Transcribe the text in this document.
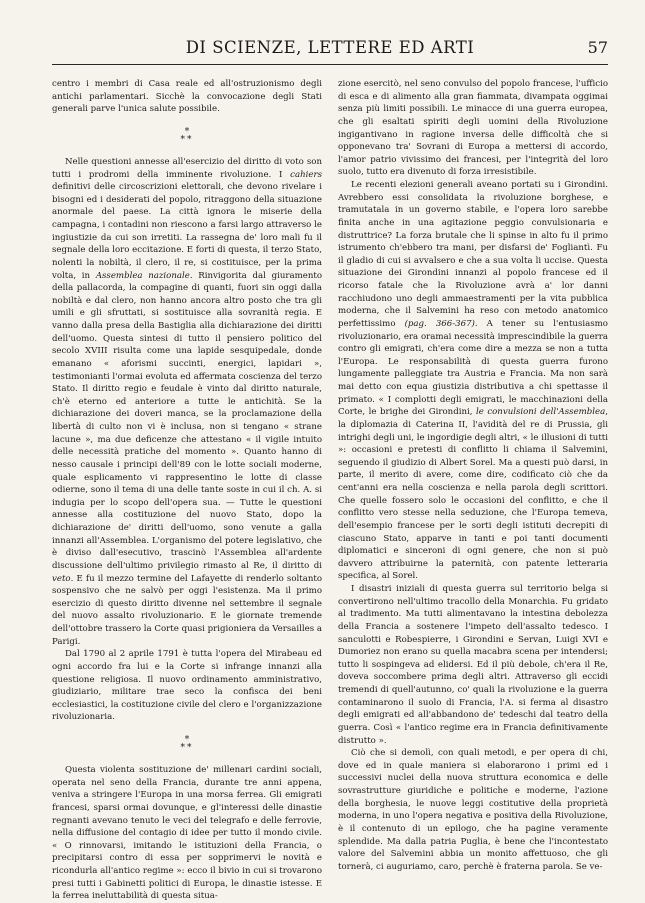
DI SCIENZE, LETTERE ED ARTI	57

centro i membri di Casa reale ed all'ostruzionismo degli antichi parlamentari. Sicchè la convocazione degli Stati generali parve l'unica salute possibile.

*
**

Nelle questioni annesse all'esercizio del diritto di voto son tutti i prodromi della imminente rivoluzione. I cahiers definitivi delle circoscrizioni elettorali, che devono rivelare i bisogni ed i desiderati del popolo, ritraggono della situazione anormale del paese. La città ignora le miserie della campagna, i contadini non riescono a farsi largo attraverso le ingiustizie da cui son irretiti. La rassegna de' loro mali fu il segnale della loro eccitazione. E forti di questa, il terzo Stato, nolenti la nobiltà, il clero, il re, si costituisce, per la prima volta, in Assemblea nazionale. Rinvigorita dal giuramento della pallacorda, la compagine di quanti, fuori sin oggi dalla nobiltà e dal clero, non hanno ancora altro posto che tra gli umili e gli sfruttati, si sostituisce alla sovranità regia. E vanno dalla presa della Bastiglia alla dichiarazione dei diritti dell'uomo. Questa sintesi di tutto il pensiero politico del secolo XVIII risulta come una lapide sesquipedale, donde emanano « aforismi succinti, energici, lapidari », testimonianti l'ormai evoluta ed affermata coscienza del terzo Stato. Il diritto regio e feudale è vinto dal diritto naturale, ch'è eterno ed anteriore a tutte le antichità. Se la dichiarazione dei doveri manca, se la proclamazione della libertà di culto non vi è inclusa, non si tengano « strane lacune », ma due deficenze che attestano « il vigile intuito delle necessità pratiche del momento ». Quanto hanno di nesso causale i principi dell'89 con le lotte sociali moderne, quale esplicamento vi rappresentino le lotte di classe odierne, sono il tema di una delle tante soste in cui il ch. A. si indugia per lo scopo dell'opera sua. — Tutte le questioni annesse alla costituzione del nuovo Stato, dopo la dichiarazione de' diritti dell'uomo, sono venute a galla innanzi all'Assemblea. L'organismo del potere legislativo, che è diviso dall'esecutivo, trascinò l'Assemblea all'ardente discussione dell'ultimo privilegio rimasto al Re, il diritto di veto. E fu il mezzo termine del Lafayette di renderlo soltanto sospensivo che ne salvò per oggi l'esistenza. Ma il primo esercizio di questo diritto divenne nel settembre il segnale del nuovo assalto rivoluzionario. E le giornate tremende dell'ottobre trassero la Corte quasi prigioniera da Versailles a Parigi.

Dal 1790 al 2 aprile 1791 è tutta l'opera del Mirabeau ed ogni accordo fra lui e la Corte si infrange innanzi alla questione religiosa. Il nuovo ordinamento amministrativo, giudiziario, militare trae seco la confisca dei beni ecclesiastici, la costituzione civile del clero e l'organizzazione rivoluzionaria.

*
**

Questa violenta sostituzione de' millenari cardini sociali, operata nel seno della Francia, durante tre anni appena, veniva a stringere l'Europa in una morsa ferrea. Gli emigrati francesi, sparsi ormai dovunque, e gl'interessi delle dinastie regnanti avevano tenuto le veci del telegrafo e delle ferrovie, nella diffusione del contagio di idee per tutto il mondo civile. « O rinnovarsi, imitando le istituzioni della Francia, o precipitarsi contro di essa per sopprimervi le novità e ricondurla all'antico regime »: ecco il bivio in cui si trovarono presi tutti i Gabinetti politici di Europa, le dinastie istesse. E la ferrea ineluttabilità di questa situa-

zione esercitò, nel seno convulso del popolo francese, l'ufficio di esca e di alimento alla gran fiammata, divampata oggimai senza più limiti possibili. Le minacce di una guerra europea, che gli esaltati spiriti degli uomini della Rivoluzione ingigantivano in ragione inversa delle difficoltà che si opponevano tra' Sovrani di Europa a mettersi di accordo, l'amor patrio vivissimo dei francesi, per l'integrità del loro suolo, tutto era divenuto di forza irresistibile.

Le recenti elezioni generali aveano portati su i Girondini. Avrebbero essi consolidata la rivoluzione borghese, e tramutatala in un governo stabile, e l'opera loro sarebbe finita anche in una agitazione peggio convulsionaria e distruttrice? La forza brutale che li spinse in alto fu il primo istrumento ch'ebbero tra mani, per disfarsi de' Fogliantì. Fu il gladio di cui si avvalsero e che a sua volta li uccise. Questa situazione dei Girondini innanzi al popolo francese ed il ricorso fatale che la Rivoluzione avrà a' lor danni racchiudono uno degli ammaestramenti per la vita pubblica moderna, che il Salvemini ha reso con metodo anatomico perfettissimo (pag. 366-367). A tener su l'entusiasmo rivoluzionario, era oramai necessità imprescindibile la guerra contro gli emigrati, ch'era come dire a mezza se non a tutta l'Europa. Le responsabilità di questa guerra furono lungamente palleggiate tra Austria e Francia. Ma non sarà mai detto con equa giustizia distributiva a chi spettasse il primato. « I complotti degli emigrati, le macchinazioni della Corte, le brighe dei Girondini, le convulsioni dell'Assemblea, la diplomazia di Caterina II, l'avidità del re di Prussia, gli intrighi degli uni, le ingordigie degli altri, « le illusioni di tutti »: occasioni e pretesti di conflitto li chiama il Salvemini, seguendo il giudizio di Albert Sorel. Ma a questi può darsi, in parte, il merito di avere, come dire, codificato ciò che da cent'anni era nella coscienza e nella parola degli scrittori. Che quelle fossero solo le occasioni del conflitto, e che il conflitto vero stesse nella seduzione, che l'Europa temeva, dell'esempio francese per le sorti degli istituti decrepiti di ciascuno Stato, apparve in tanti e poi tanti documenti diplomatici e sinceroni di ogni genere, che non si può davvero attribuirne la paternità, con patente letteraria specifica, al Sorel.

I disastri iniziali di questa guerra sul territorio belga si convertirono nell'ultimo tracollo della Monarchia. Fu gridato al tradimento. Ma tutti alimentavano la intestina debolezza della Francia a sostenere l'impeto dell'assalto tedesco. I sanculotti e Robespierre, i Girondini e Servan, Luigi XVI e Dumoriez non erano su quella macabra scena per intendersi; tutto li sospingeva ad elidersi. Ed il più debole, ch'era il Re, doveva soccombere prima degli altri. Attraverso gli eccidi tremendi di quell'autunno, co' quali la rivoluzione e la guerra contaminarono il suolo di Francia, l'A. si ferma al disastro degli emigrati ed all'abbandono de' tedeschi dal teatro della guerra. Così « l'antico regime era in Francia definitivamente distrutto ».

Ciò che si demolì, con quali metodi, e per opera di chi, dove ed in quale maniera si elaborarono i primi ed i successivi nuclei della nuova struttura economica e delle sovrastrutture giuridiche e politiche e moderne, l'azione della borghesia, le nuove leggi costitutive della proprietà moderna, in uno l'opera negativa e positiva della Rivoluzione, è il contenuto di un epilogo, che ha pagine veramente splendide. Ma dalla patria Puglia, è bene che l'incontestato valore del Salvemini abbia un monito affettuoso, che gli tornerà, ci auguriamo, caro, perchè è fraterna parola. Se ve-
